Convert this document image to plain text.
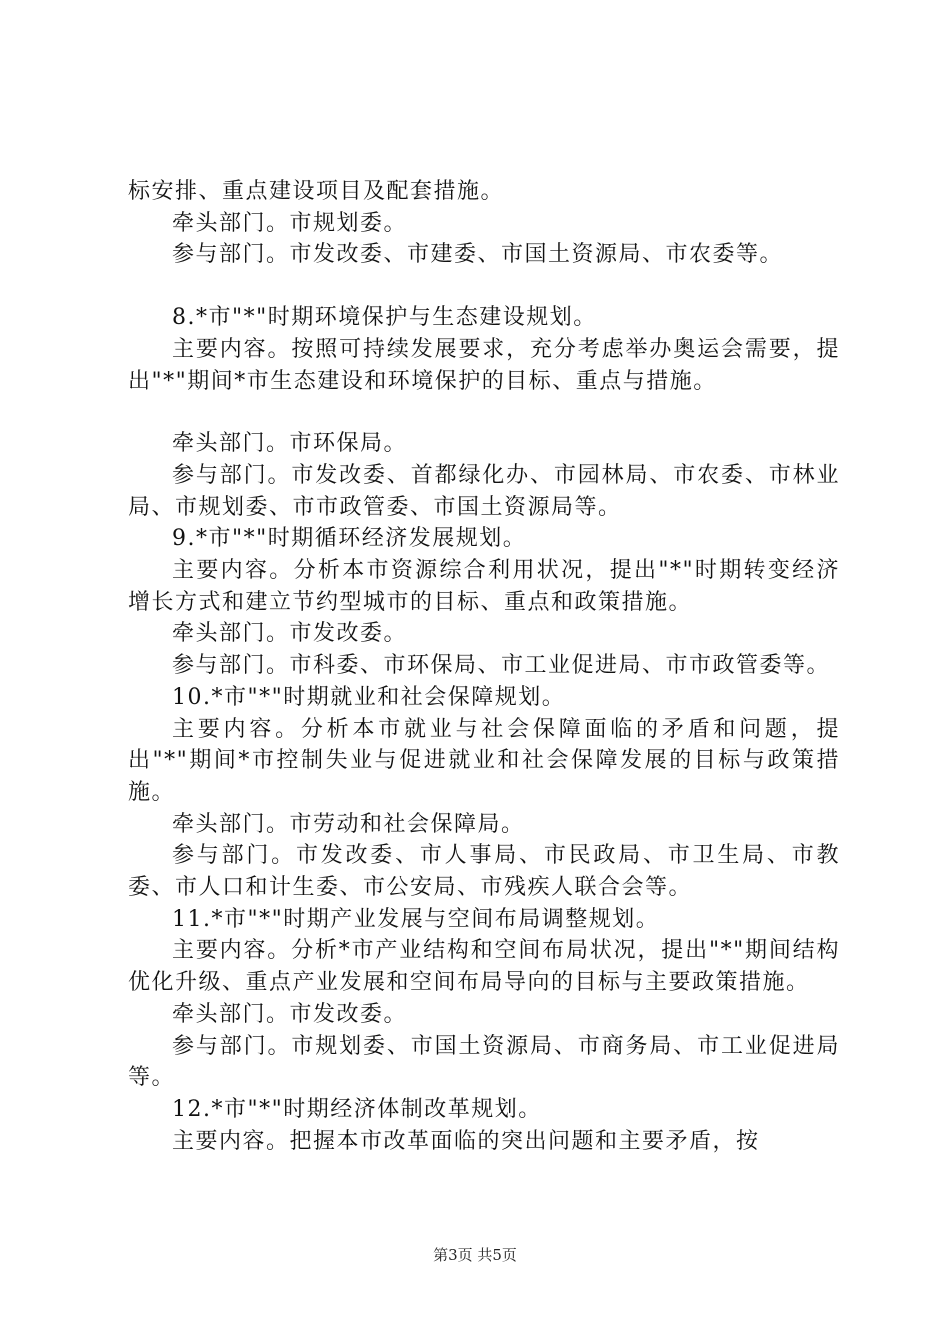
标安排、重点建设项目及配套措施。

牵头部门。市规划委。

参与部门。市发改委、市建委、市国土资源局、市农委等。

8.*市"*"时期环境保护与生态建设规划。

主要内容。按照可持续发展要求，充分考虑举办奥运会需要，提出"*"期间*市生态建设和环境保护的目标、重点与措施。

牵头部门。市环保局。

参与部门。市发改委、首都绿化办、市园林局、市农委、市林业局、市规划委、市市政管委、市国土资源局等。

9.*市"*"时期循环经济发展规划。

主要内容。分析本市资源综合利用状况，提出"*"时期转变经济增长方式和建立节约型城市的目标、重点和政策措施。

牵头部门。市发改委。

参与部门。市科委、市环保局、市工业促进局、市市政管委等。

10.*市"*"时期就业和社会保障规划。

主要内容。分析本市就业与社会保障面临的矛盾和问题，提出"*"期间*市控制失业与促进就业和社会保障发展的目标与政策措施。

牵头部门。市劳动和社会保障局。

参与部门。市发改委、市人事局、市民政局、市卫生局、市教委、市人口和计生委、市公安局、市残疾人联合会等。

11.*市"*"时期产业发展与空间布局调整规划。

主要内容。分析*市产业结构和空间布局状况，提出"*"期间结构优化升级、重点产业发展和空间布局导向的目标与主要政策措施。

牵头部门。市发改委。

参与部门。市规划委、市国土资源局、市商务局、市工业促进局等。

12.*市"*"时期经济体制改革规划。

主要内容。把握本市改革面临的突出问题和主要矛盾，按

第3页 共5页
